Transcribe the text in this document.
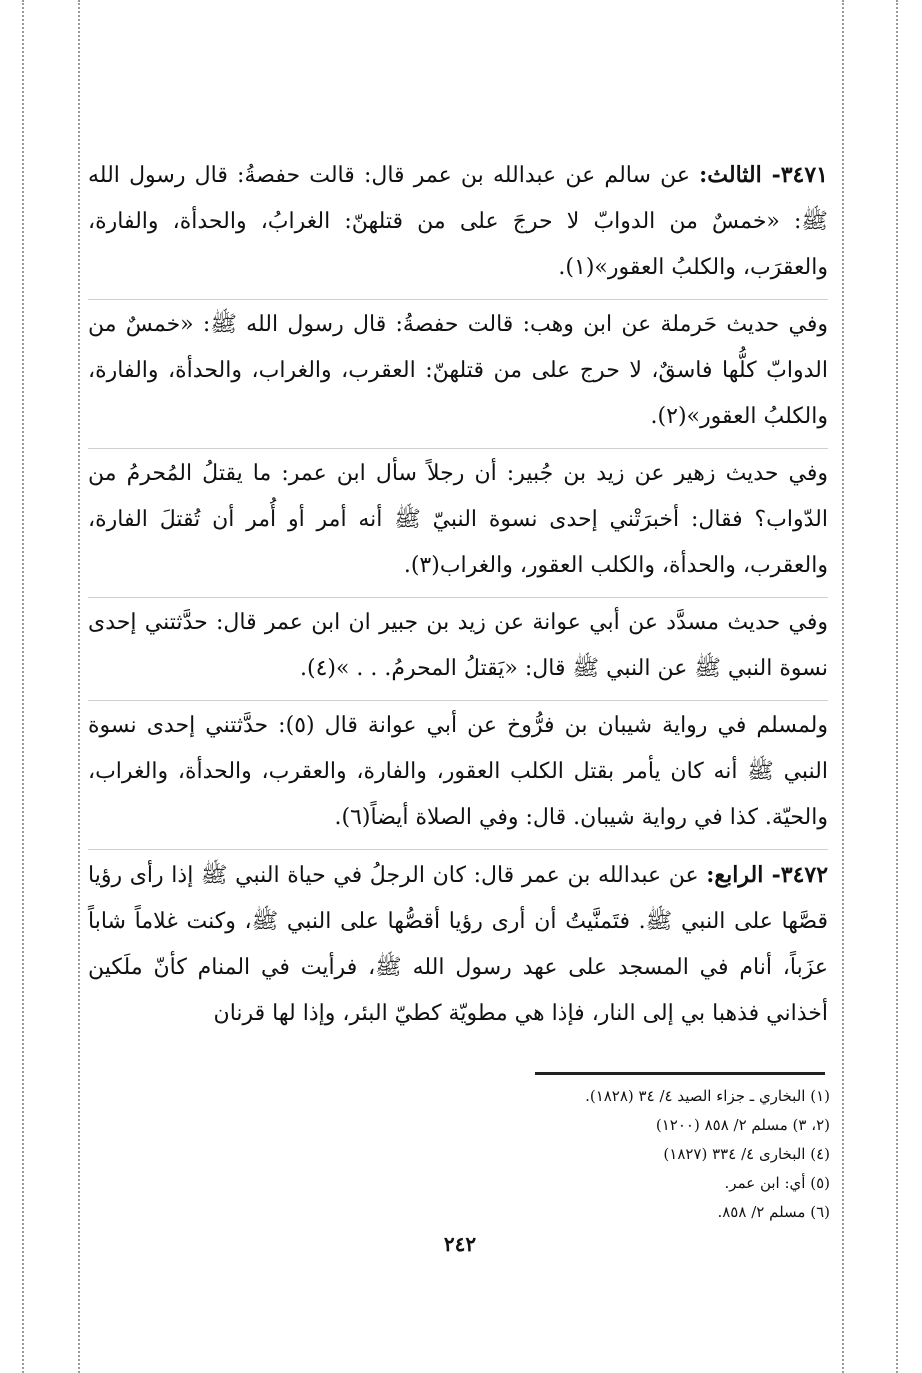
٣٤٧١- الثالث: عن سالم عن عبدالله بن عمر قال: قالت حفصةُ: قال رسول الله ﷺ: «خمسٌ من الدوابّ لا حرجَ على من قتلهنّ: الغرابُ، والحدأة، والفارة، والعقرَب، والكلبُ العقور»(١).

وفي حديث حَرملة عن ابن وهب: قالت حفصةُ: قال رسول الله ﷺ: «خمسٌ من الدوابّ كلُّها فاسقٌ، لا حرج على من قتلهنّ: العقرب، والغراب، والحدأة، والفارة، والكلبُ العقور»(٢).

وفي حديث زهير عن زيد بن جُبير: أن رجلاً سأل ابن عمر: ما يقتلُ المُحرمُ من الدّواب؟ فقال: أخبرَتْني إحدى نسوة النبيّ ﷺ أنه أمر أو أُمر أن تُقتلَ الفارة، والعقرب، والحدأة، والكلب العقور، والغراب(٣).

وفي حديث مسدَّد عن أبي عوانة عن زيد بن جبير ان ابن عمر قال: حدَّثتني إحدى نسوة النبي ﷺ عن النبي ﷺ قال: «يَقتلُ المحرمُ. . . »(٤).

ولمسلم في رواية شيبان بن فرُّوخ عن أبي عوانة قال (٥): حدَّثتني إحدى نسوة النبي ﷺ أنه كان يأمر بقتل الكلب العقور، والفارة، والعقرب، والحدأة، والغراب، والحيّة. كذا في رواية شيبان. قال: وفي الصلاة أيضاً(٦).

٣٤٧٢- الرابع: عن عبدالله بن عمر قال: كان الرجلُ في حياة النبي ﷺ إذا رأى رؤيا قصَّها على النبي ﷺ. فتَمنَّيتُ أن أرى رؤيا أقصُّها على النبي ﷺ، وكنت غلاماً شاباً عزَباً، أنام في المسجد على عهد رسول الله ﷺ، فرأيت في المنام كأنّ ملَكين أخذاني فذهبا بي إلى النار، فإذا هي مطويّة كطيّ البئر، وإذا لها قرنان

(١) البخاري ـ جزاء الصيد ٤/ ٣٤ (١٨٢٨).
(٢، ٣) مسلم ٢/ ٨٥٨ (١٢٠٠)
(٤) البخارى ٤/ ٣٣٤ (١٨٢٧)
(٥) أي: ابن عمر.
(٦) مسلم ٢/ ٨٥٨.
٢٤٢
